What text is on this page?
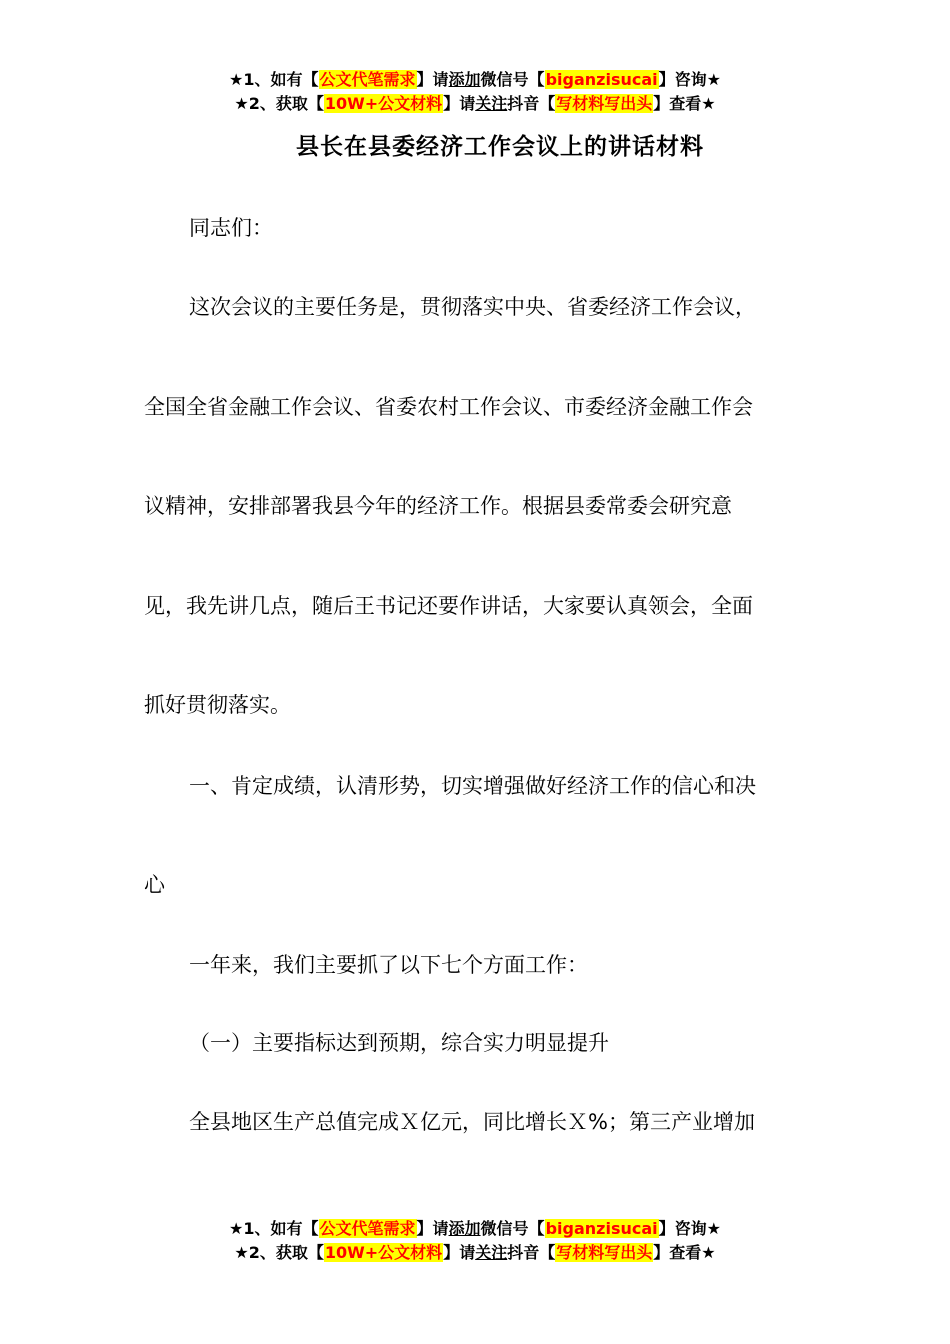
★1、如有【公文代笔需求】请添加微信号【biganzisucai】咨询★
★2、获取【10W+公文材料】请关注抖音【写材料写出头】查看★
县长在县委经济工作会议上的讲话材料
同志们：
这次会议的主要任务是，贯彻落实中央、省委经济工作会议，
全国全省金融工作会议、省委农村工作会议、市委经济金融工作会
议精神，安排部署我县今年的经济工作。根据县委常委会研究意
见，我先讲几点，随后王书记还要作讲话，大家要认真领会，全面
抓好贯彻落实。
一、肯定成绩，认清形势，切实增强做好经济工作的信心和决
心
一年来，我们主要抓了以下七个方面工作：
（一）主要指标达到预期，综合实力明显提升
全县地区生产总值完成Ｘ亿元，同比增长Ｘ%；第三产业增加
★1、如有【公文代笔需求】请添加微信号【biganzisucai】咨询★
★2、获取【10W+公文材料】请关注抖音【写材料写出头】查看★
